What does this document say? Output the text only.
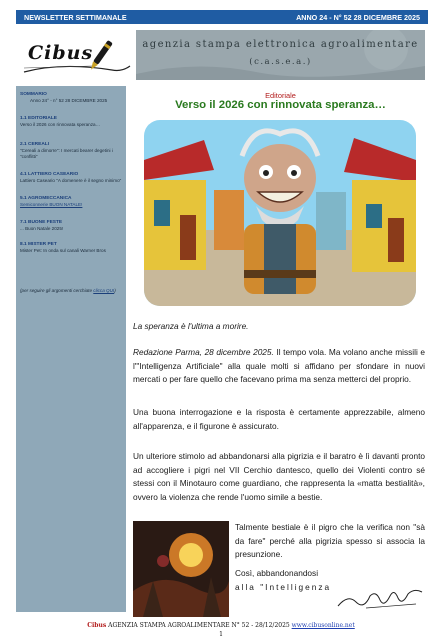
NEWSLETTER SETTIMANALE	ANNO 24 - N° 52 28 DICEMBRE 2025
Cibus	agenzia stampa elettronica agroalimentare
(c.a.s.e.a.)
SOMMARIO
Anno 24° - n° 52 28 DICEMBRE 2025
1.1 EDITORIALE
Verso il 2026 con rinnovata speranza…
2.1 CEREALI
"Cereali a dimorre": I mercati bearer degetini i "conflitti"
4.1 LATTIERO CASEARIO
Lattiero Caseario "A domenere è il segno minimo"
5.1 AGROMECCANICA
Semiconnerie BUON NATALE!
7.1 BUONE FESTE
... Buon Natale 2025!
8.1 MISTER PET
Mister Pet: In onda sul canali Warner Bros
(per seguire gli argomenti cerchiate clicca QUI)
Editoriale
Verso il 2026 con rinnovata speranza…
La speranza è l'ultima a morire.
Redazione Parma, 28 dicembre 2025. Il tempo vola. Ma volano anche missili e l'"Intelligenza Artificiale" alla quale molti si affidano per sfondare in nuovi mercati o per fare quello che facevano prima ma senza metterci del proprio.
Una buona interrogazione e la risposta è certamente apprezzabile, almeno all'apparenza, e il figurone è assicurato.
Un ulteriore stimolo ad abbandonarsi alla pigrizia e il baratro è lì davanti pronto ad accogliere i pigri nel VII Cerchio dantesco, quello dei Violenti contro sé stessi con il Minotauro come guardiano, che rappresenta la «matta bestialità», ovvero la violenza che rende l'uomo simile a bestie.
Talmente bestiale è il pigro che la verifica non "sà da fare" perché alla pigrizia spesso si associa la presunzione.
Così, abbandonandosi
alla "Intelligenza
Cibus AGENZIA STAMPA AGROALIMENTARE N° 52 - 28/12/2025 www.cibusonline.net
1
